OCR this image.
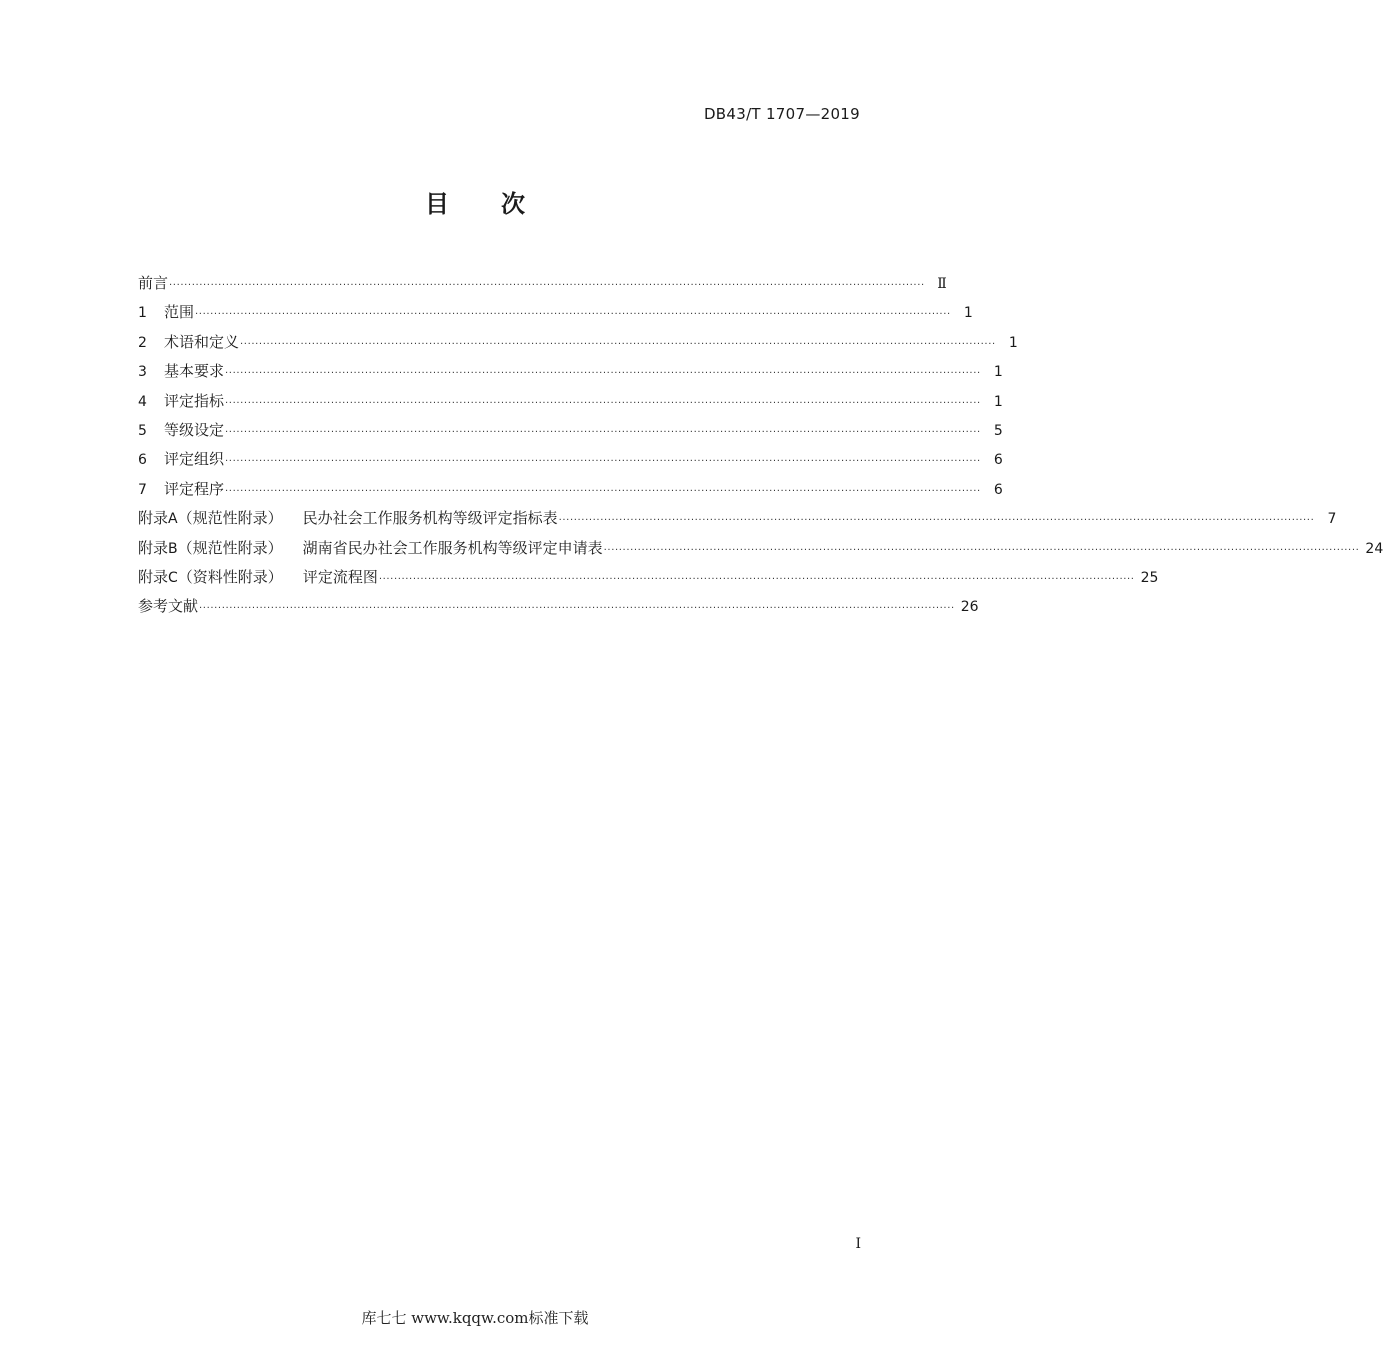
DB43/T 1707—2019
目 次
前言 ········································································································································································································ Ⅱ
1	范围 ········································································································································································································ 1
2	术语和定义 ········································································································································································································ 1
3	基本要求 ········································································································································································································ 1
4	评定指标 ········································································································································································································ 1
5	等级设定 ········································································································································································································ 5
6	评定组织 ········································································································································································································ 6
7	评定程序 ········································································································································································································ 6
附录A（规范性附录） 民办社会工作服务机构等级评定指标表 ········································································································································································································ 7
附录B（规范性附录） 湖南省民办社会工作服务机构等级评定申请表 ········································································································································································································ 24
附录C（资料性附录） 评定流程图 ········································································································································································································ 25
参考文献 ········································································································································································································ 26
I
库七七 www.kqqw.com标准下载
